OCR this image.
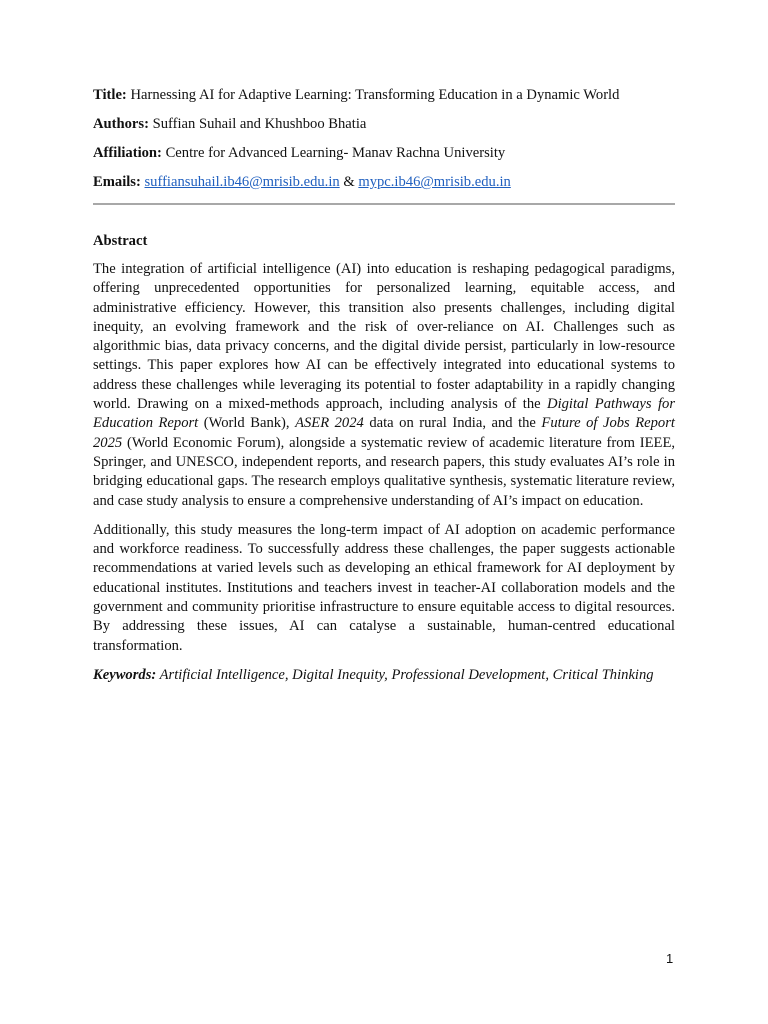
Title: Harnessing AI for Adaptive Learning: Transforming Education in a Dynamic World

Authors: Suffian Suhail and Khushboo Bhatia

Affiliation: Centre for Advanced Learning- Manav Rachna University

Emails: suffiansuhail.ib46@mrisib.edu.in & mypc.ib46@mrisib.edu.in

Abstract

The integration of artificial intelligence (AI) into education is reshaping pedagogical paradigms, offering unprecedented opportunities for personalized learning, equitable access, and administrative efficiency. However, this transition also presents challenges, including digital inequity, an evolving framework and the risk of over-reliance on AI. Challenges such as algorithmic bias, data privacy concerns, and the digital divide persist, particularly in low-resource settings. This paper explores how AI can be effectively integrated into educational systems to address these challenges while leveraging its potential to foster adaptability in a rapidly changing world. Drawing on a mixed-methods approach, including analysis of the Digital Pathways for Education Report (World Bank), ASER 2024 data on rural India, and the Future of Jobs Report 2025 (World Economic Forum), alongside a systematic review of academic literature from IEEE, Springer, and UNESCO, independent reports, and research papers, this study evaluates AI’s role in bridging educational gaps. The research employs qualitative synthesis, systematic literature review, and case study analysis to ensure a comprehensive understanding of AI’s impact on education.

Additionally, this study measures the long-term impact of AI adoption on academic performance and workforce readiness. To successfully address these challenges, the paper suggests actionable recommendations at varied levels such as developing an ethical framework for AI deployment by educational institutes. Institutions and teachers invest in teacher-AI collaboration models and the government and community prioritise infrastructure to ensure equitable access to digital resources. By addressing these issues, AI can catalyse a sustainable, human-centred educational transformation.

Keywords: Artificial Intelligence, Digital Inequity, Professional Development, Critical Thinking

1
